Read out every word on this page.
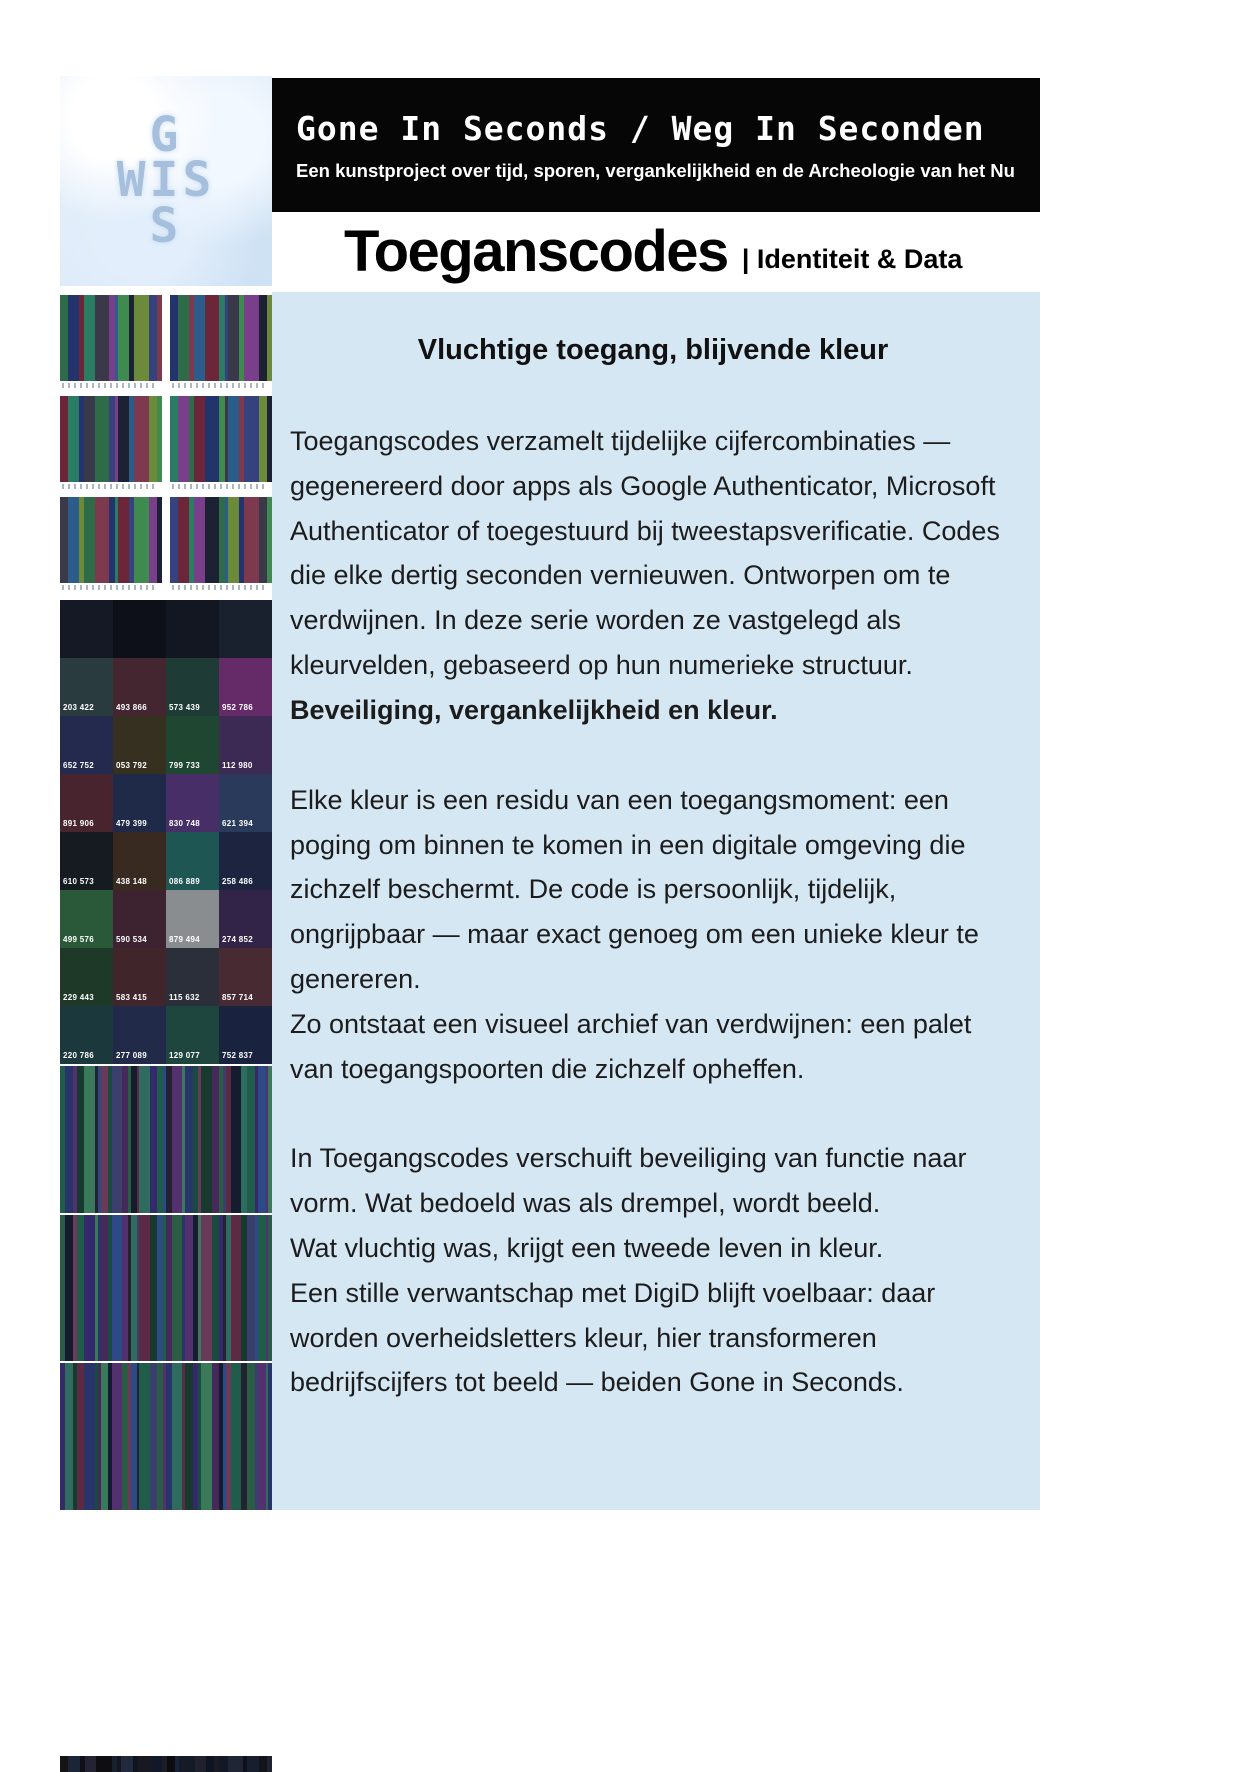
G
WIS
S
Gone In Seconds / Weg In Seconden
Een kunstproject over tijd, sporen, vergankelijkheid en de Archeologie van het Nu
Toeganscodes | Identiteit & Data
Vluchtige toegang, blijvende kleur

Toegangscodes verzamelt tijdelijke cijfercombinaties — gegenereerd door apps als Google Authenticator, Microsoft Authenticator of toegestuurd bij tweestapsverificatie. Codes die elke dertig seconden vernieuwen. Ontworpen om te verdwijnen. In deze serie worden ze vastgelegd als kleurvelden, gebaseerd op hun numerieke structuur.
Beveiliging, vergankelijkheid en kleur.

Elke kleur is een residu van een toegangsmoment: een poging om binnen te komen in een digitale omgeving die zichzelf beschermt. De code is persoonlijk, tijdelijk, ongrijpbaar — maar exact genoeg om een unieke kleur te genereren.
Zo ontstaat een visueel archief van verdwijnen: een palet van toegangspoorten die zichzelf opheffen.

In Toegangscodes verschuift beveiliging van functie naar vorm. Wat bedoeld was als drempel, wordt beeld.
Wat vluchtig was, krijgt een tweede leven in kleur.
Een stille verwantschap met DigiD blijft voelbaar: daar worden overheidsletters kleur, hier transformeren bedrijfscijfers tot beeld — beiden Gone in Seconds.

203 422	493 866	573 439	952 786
652 752	053 792	799 733	112 980
891 906	479 399	830 748	621 394
610 573	438 148	086 889	258 486
499 576	590 534	879 494	274 852
229 443	583 415	115 632	857 714
220 786	277 089	129 077	752 837
